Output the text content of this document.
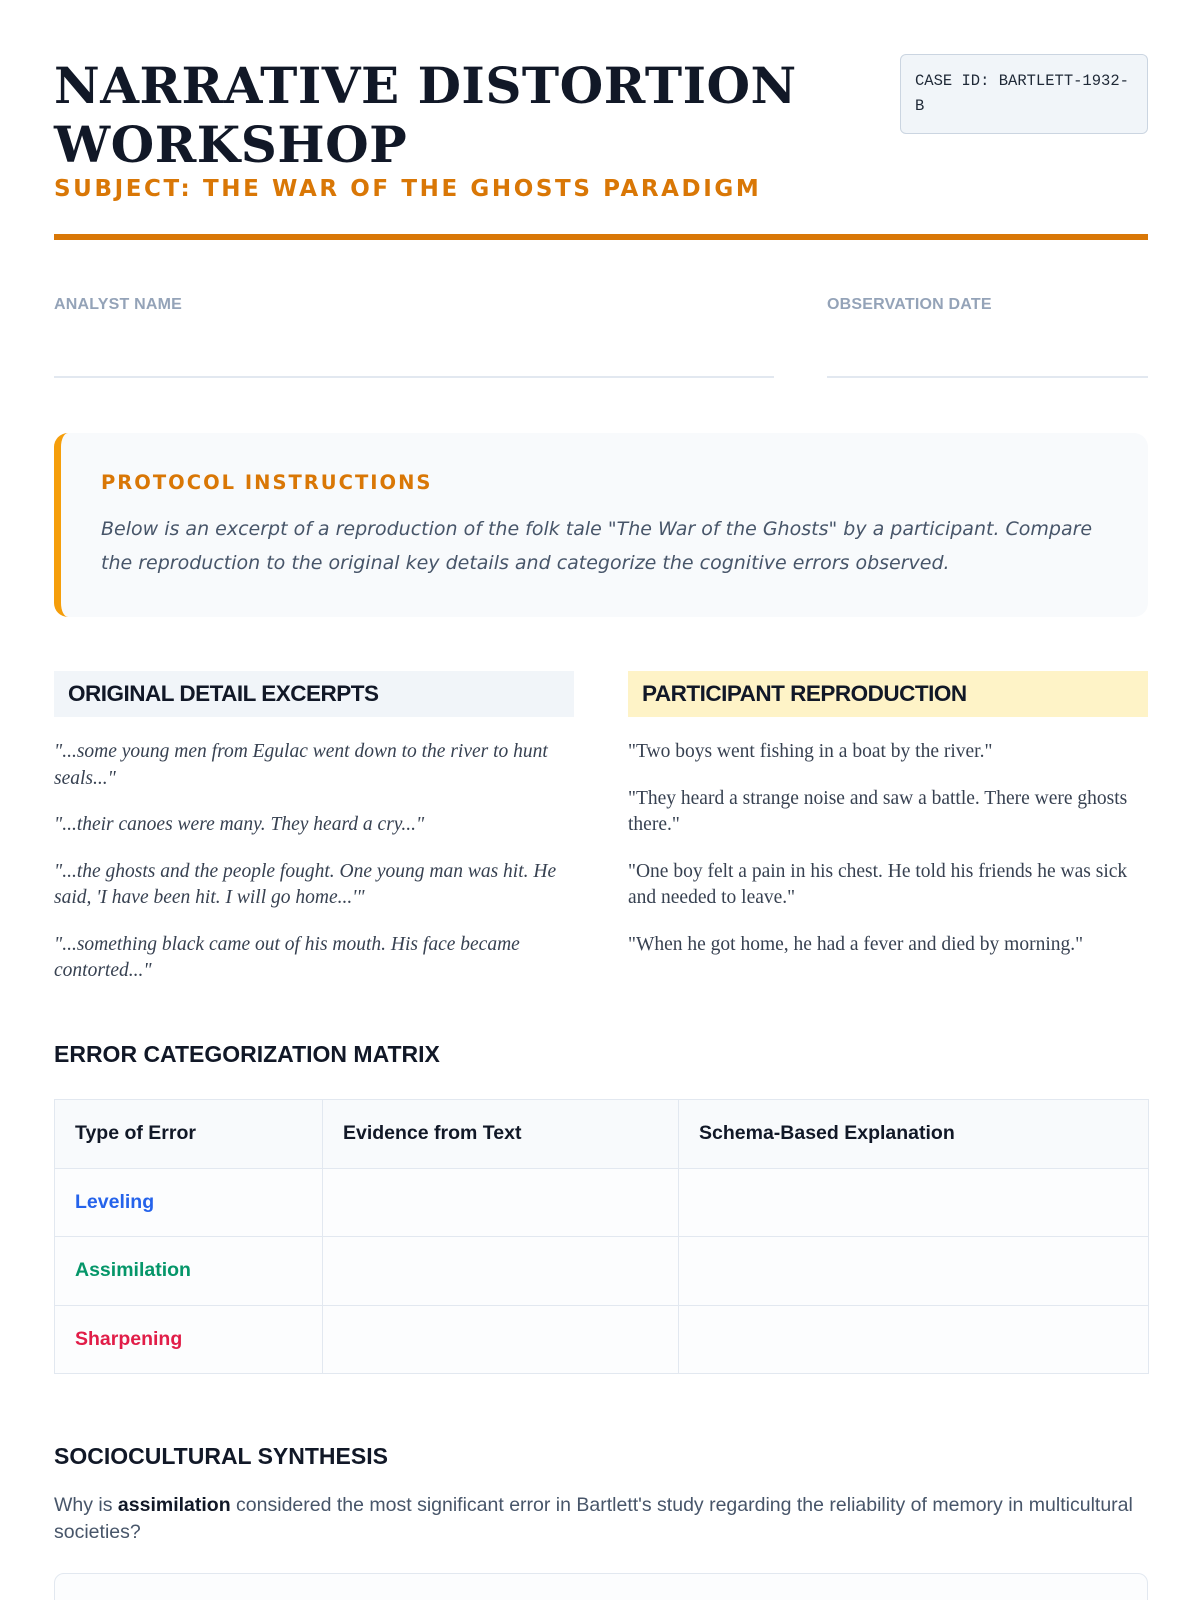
NARRATIVE DISTORTION WORKSHOP
SUBJECT: THE WAR OF THE GHOSTS PARADIGM
CASE ID: BARTLETT-1932-B
ANALYST NAME	OBSERVATION DATE
PROTOCOL INSTRUCTIONS

Below is an excerpt of a reproduction of the folk tale "The War of the Ghosts" by a participant. Compare the reproduction to the original key details and categorize the cognitive errors observed.

ORIGINAL DETAIL EXCERPTS

"...some young men from Egulac went down to the river to hunt seals..."

"...their canoes were many. They heard a cry..."

"...the ghosts and the people fought. One young man was hit. He said, 'I have been hit. I will go home...'"

"...something black came out of his mouth. His face became contorted..."

PARTICIPANT REPRODUCTION

"Two boys went fishing in a boat by the river."

"They heard a strange noise and saw a battle. There were ghosts there."

"One boy felt a pain in his chest. He told his friends he was sick and needed to leave."

"When he got home, he had a fever and died by morning."

ERROR CATEGORIZATION MATRIX
Type of Error	Evidence from Text	Schema-Based Explanation
Leveling		
Assimilation		
Sharpening		
SOCIOCULTURAL SYNTHESIS

Why is assimilation considered the most significant error in Bartlett's study regarding the reliability of memory in multicultural societies?
